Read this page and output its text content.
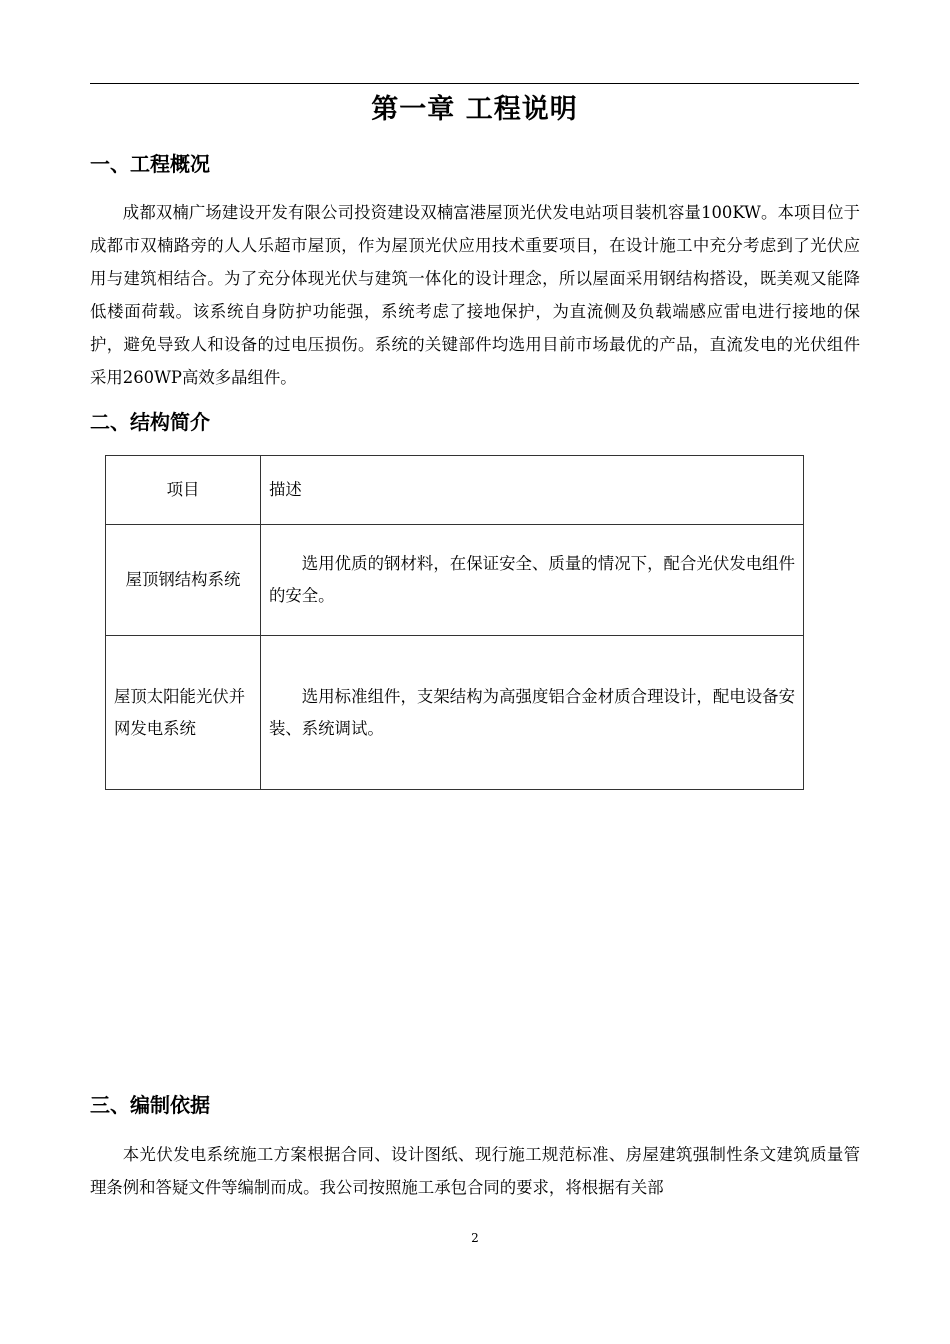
第一章 工程说明
一、工程概况

成都双楠广场建设开发有限公司投资建设双楠富港屋顶光伏发电站项目装机容量100KW。本项目位于成都市双楠路旁的人人乐超市屋顶，作为屋顶光伏应用技术重要项目，在设计施工中充分考虑到了光伏应用与建筑相结合。为了充分体现光伏与建筑一体化的设计理念，所以屋面采用钢结构搭设，既美观又能降低楼面荷载。该系统自身防护功能强，系统考虑了接地保护，为直流侧及负载端感应雷电进行接地的保护，避免导致人和设备的过电压损伤。系统的关键部件均选用目前市场最优的产品，直流发电的光伏组件采用260WP高效多晶组件。

二、结构简介
项目	描述
屋顶钢结构系统	选用优质的钢材料，在保证安全、质量的情况下，配合光伏发电组件的安全。
屋顶太阳能光伏并网发电系统	选用标准组件，支架结构为高强度铝合金材质合理设计，配电设备安装、系统调试。
三、编制依据

本光伏发电系统施工方案根据合同、设计图纸、现行施工规范标准、房屋建筑强制性条文建筑质量管理条例和答疑文件等编制而成。我公司按照施工承包合同的要求，将根据有关部

2
